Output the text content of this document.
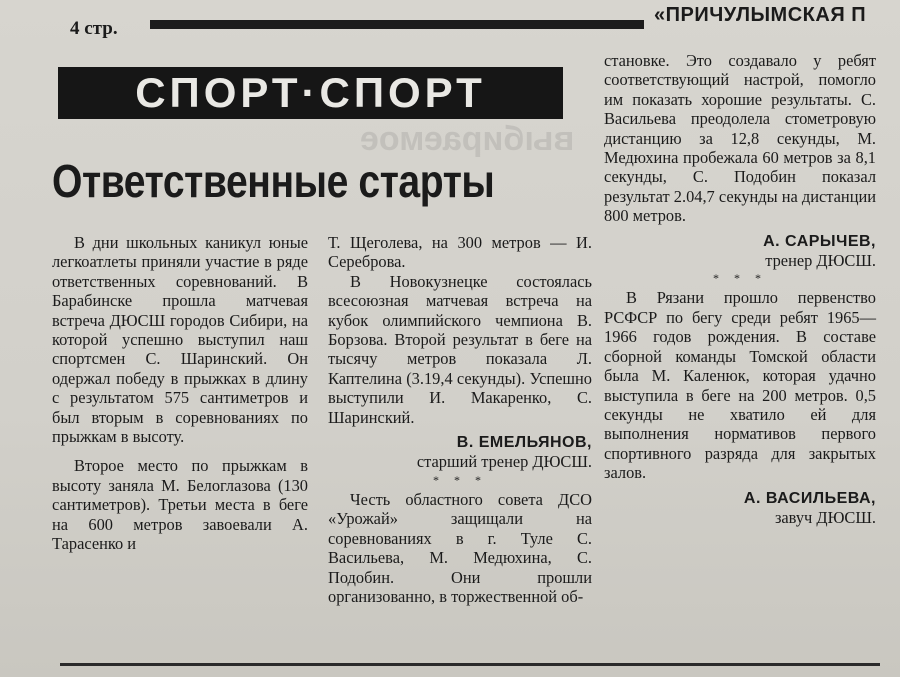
выбираемое
4 стр.
«ПРИЧУЛЫМСКАЯ П
СПОРТ·СПОРТ
Ответственные старты

В дни школьных каникул юные легкоатлеты приняли участие в ряде ответственных соревнований. В Барабинске прошла матчевая встреча ДЮСШ городов Сибири, на которой успешно выступил наш спортсмен С. Шаринский. Он одержал победу в прыжках в длину с результатом 575 сантиметров и был вторым в соревнованиях по прыжкам в высоту.

Второе место по прыжкам в высоту заняла М. Белоглазова (130 сантиметров). Третьи места в беге на 600 метров завоевали А. Тарасенко и

Т. Щеголева, на 300 метров — И. Сереброва.

В Новокузнецке состоялась всесоюзная матчевая встреча на кубок олимпийского чемпиона В. Борзова. Второй результат в беге на тысячу метров показала Л. Каптелина (3.19,4 секунды). Успешно выступили И. Макаренко, С. Шаринский.

В. ЕМЕЛЬЯНОВ,
старший тренер ДЮСШ.
* * *

Честь областного совета ДСО «Урожай» защищали на соревнованиях в г. Туле С. Васильева, М. Медюхина, С. Подобин. Они прошли организованно, в торжественной об-

становке. Это создавало у ребят соответствующий настрой, помогло им показать хорошие результаты. С. Васильева преодолела стометровую дистанцию за 12,8 секунды, М. Медюхина пробежала 60 метров за 8,1 секунды, С. Подобин показал результат 2.04,7 секунды на дистанции 800 метров.

А. САРЫЧЕВ,
тренер ДЮСШ.
* * *

В Рязани прошло первенство РСФСР по бегу среди ребят 1965—1966 годов рождения. В составе сборной команды Томской области была М. Каленюк, которая удачно выступила в беге на 200 метров. 0,5 секунды не хватило ей для выполнения нормативов первого спортивного разряда для закрытых залов.

А. ВАСИЛЬЕВА,
завуч ДЮСШ.
